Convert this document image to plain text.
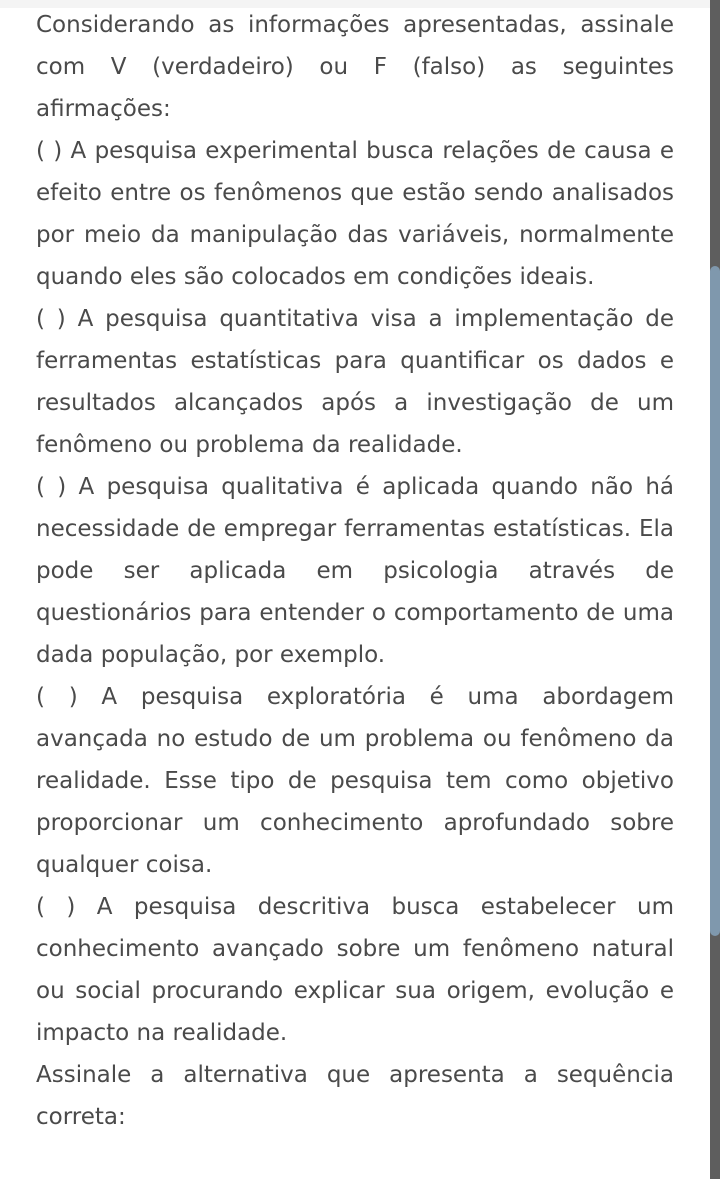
Considerando as informações apresentadas, assinale com V (verdadeiro) ou F (falso) as seguintes afirmações:

( ) A pesquisa experimental busca relações de causa e efeito entre os fenômenos que estão sendo analisados por meio da manipulação das variáveis, normalmente quando eles são colocados em condições ideais.

( ) A pesquisa quantitativa visa a implementação de ferramentas estatísticas para quantificar os dados e resultados alcançados após a investigação de um fenômeno ou problema da realidade.

( ) A pesquisa qualitativa é aplicada quando não há necessidade de empregar ferramentas estatísticas. Ela pode ser aplicada em psicologia através de questionários para entender o comportamento de uma dada população, por exemplo.

( ) A pesquisa exploratória é uma abordagem avançada no estudo de um problema ou fenômeno da realidade. Esse tipo de pesquisa tem como objetivo proporcionar um conhecimento aprofundado sobre qualquer coisa.

( ) A pesquisa descritiva busca estabelecer um conhecimento avançado sobre um fenômeno natural ou social procurando explicar sua origem, evolução e impacto na realidade.

Assinale a alternativa que apresenta a sequência correta:
